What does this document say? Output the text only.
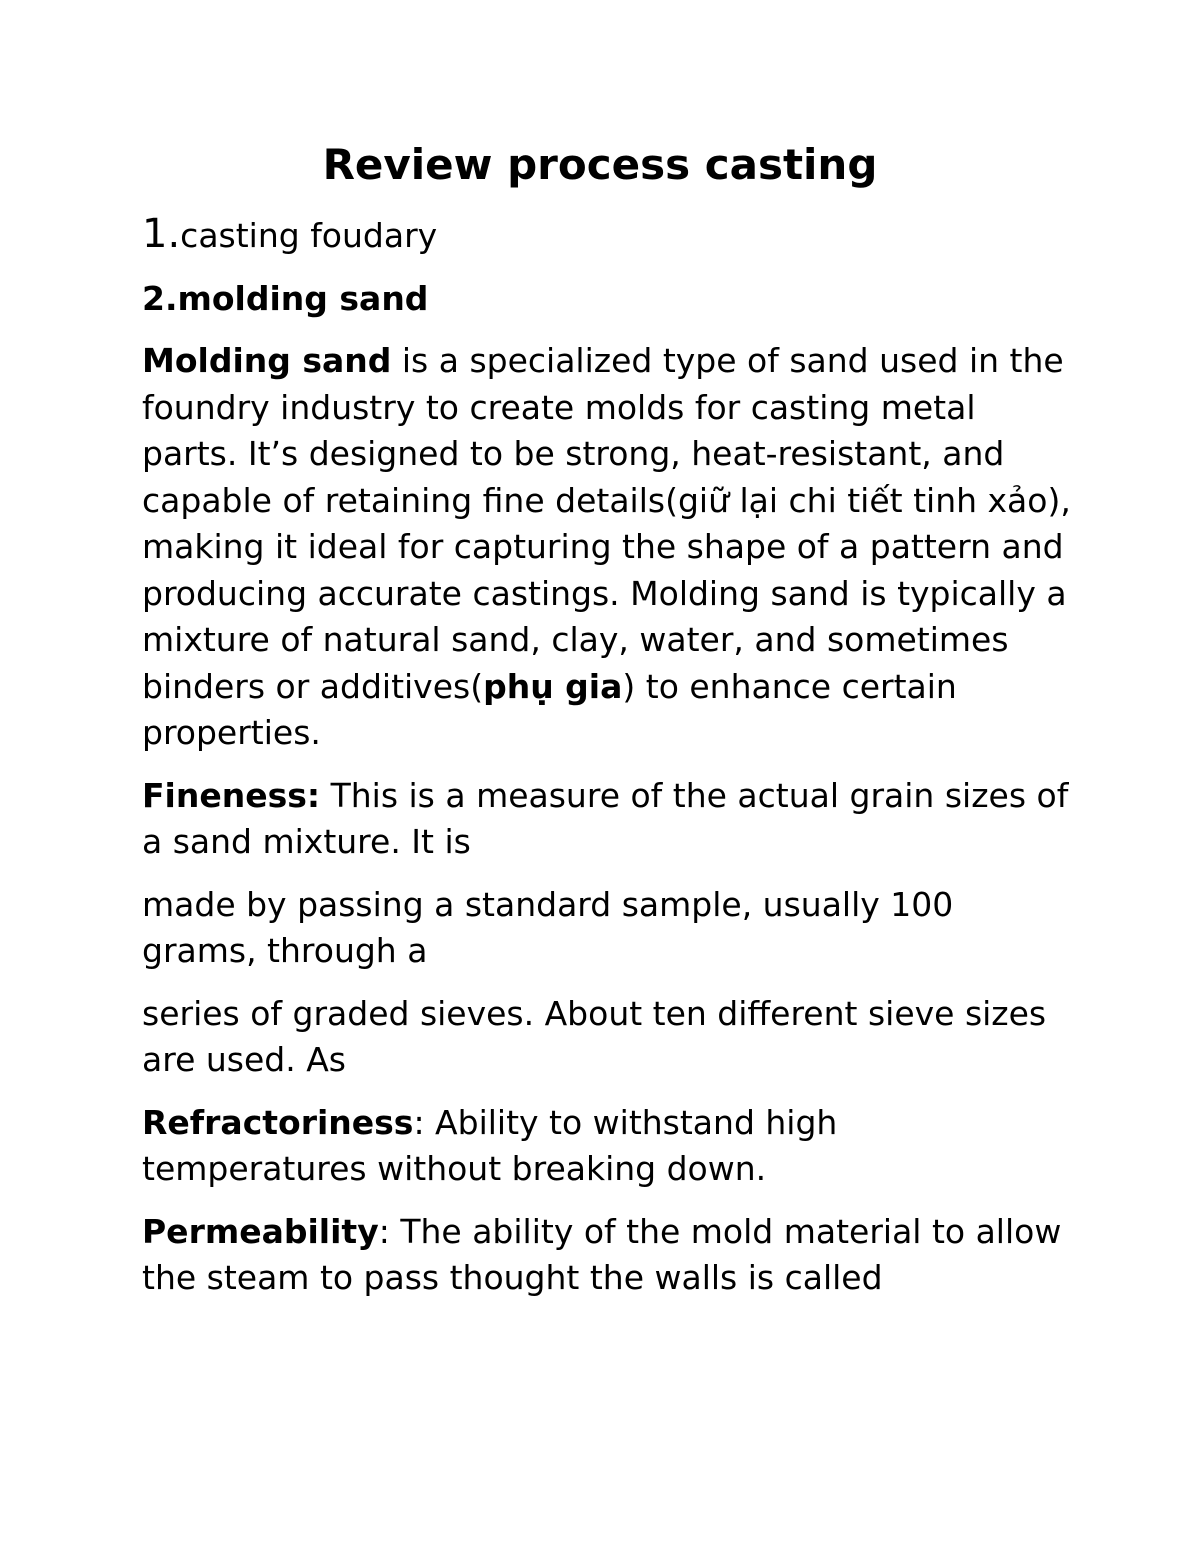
Review process casting

1.casting foudary

2.molding sand

Molding sand is a specialized type of sand used in the foundry industry to create molds for casting metal parts. It’s designed to be strong, heat-resistant, and capable of retaining fine details(giữ lại chi tiết tinh xảo), making it ideal for capturing the shape of a pattern and producing accurate castings. Molding sand is typically a mixture of natural sand, clay, water, and sometimes binders or additives(phụ gia) to enhance certain properties.

Fineness: This is a measure of the actual grain sizes of a sand mixture. It is

made by passing a standard sample, usually 100 grams, through a

series of graded sieves. About ten different sieve sizes are used. As

Refractoriness: Ability to withstand high temperatures without breaking down.

Permeability: The ability of the mold material to allow the steam to pass thought the walls is called
